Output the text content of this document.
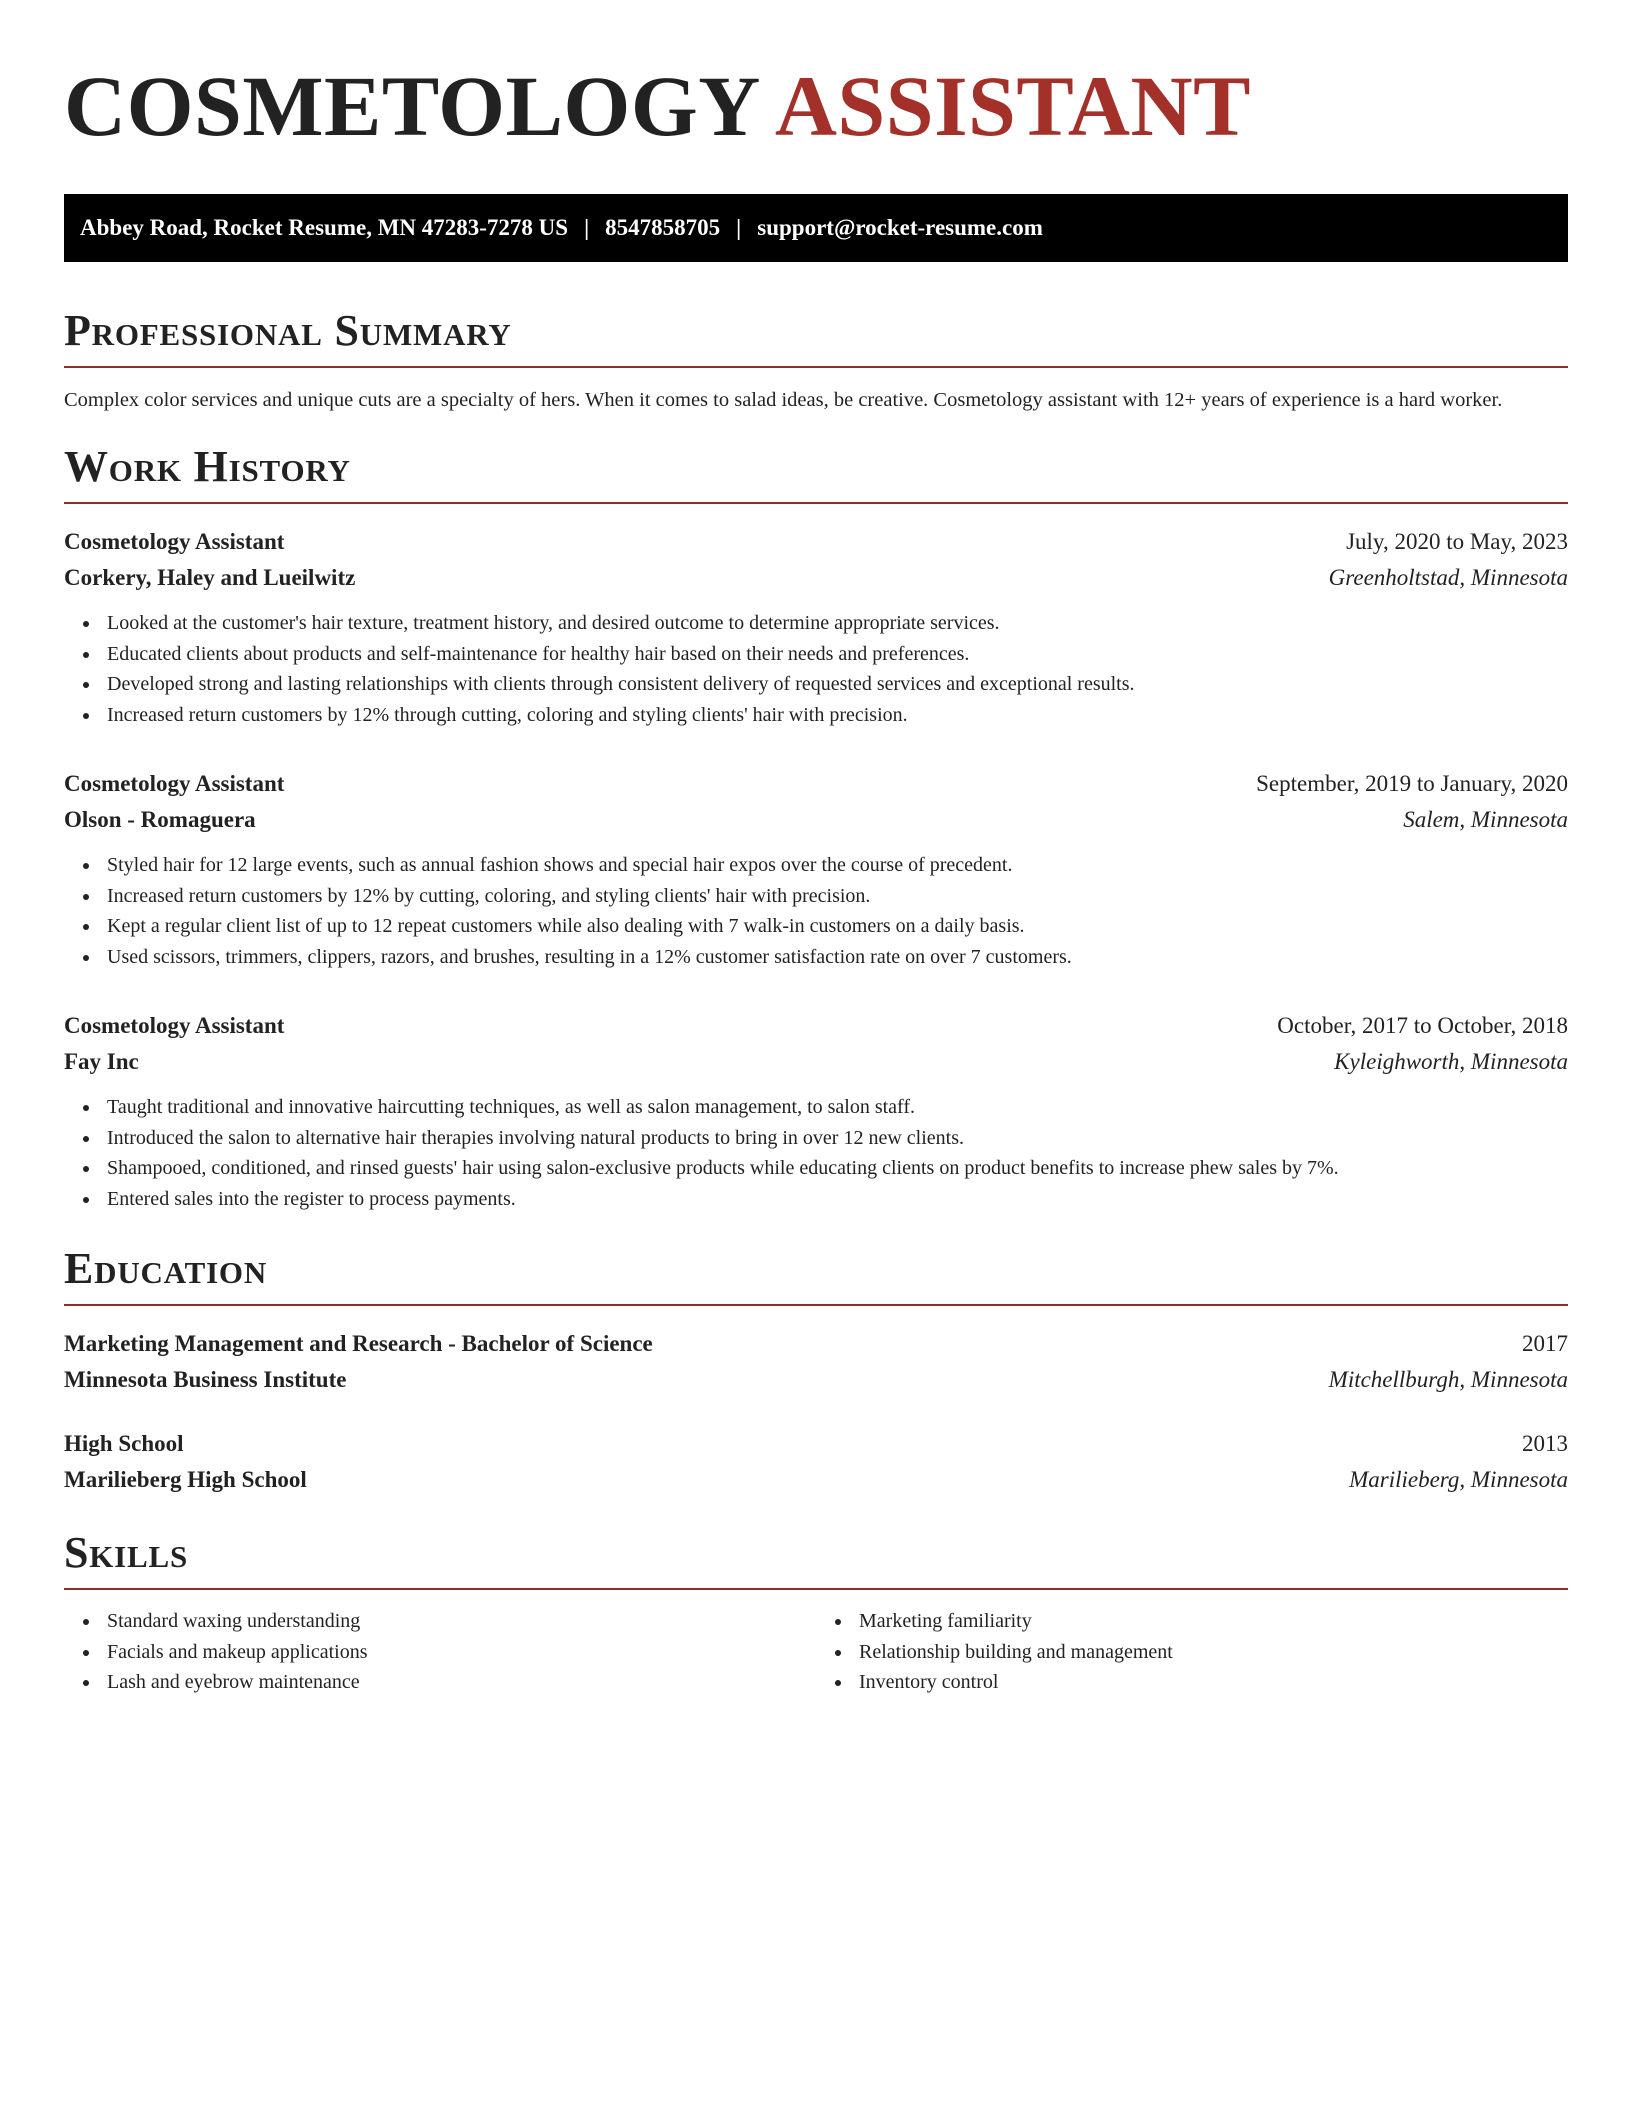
COSMETOLOGY ASSISTANT
Abbey Road, Rocket Resume, MN 47283-7278 US | 8547858705 | support@rocket-resume.com
Professional Summary

Complex color services and unique cuts are a specialty of hers. When it comes to salad ideas, be creative. Cosmetology assistant with 12+ years of experience is a hard worker.

Work History
Cosmetology Assistant	July, 2020 to May, 2023
Corkery, Haley and Lueilwitz	Greenholtstad, Minnesota
Looked at the customer's hair texture, treatment history, and desired outcome to determine appropriate services.
Educated clients about products and self-maintenance for healthy hair based on their needs and preferences.
Developed strong and lasting relationships with clients through consistent delivery of requested services and exceptional results.
Increased return customers by 12% through cutting, coloring and styling clients' hair with precision.
Cosmetology Assistant	September, 2019 to January, 2020
Olson - Romaguera	Salem, Minnesota
Styled hair for 12 large events, such as annual fashion shows and special hair expos over the course of precedent.
Increased return customers by 12% by cutting, coloring, and styling clients' hair with precision.
Kept a regular client list of up to 12 repeat customers while also dealing with 7 walk-in customers on a daily basis.
Used scissors, trimmers, clippers, razors, and brushes, resulting in a 12% customer satisfaction rate on over 7 customers.
Cosmetology Assistant	October, 2017 to October, 2018
Fay Inc	Kyleighworth, Minnesota
Taught traditional and innovative haircutting techniques, as well as salon management, to salon staff.
Introduced the salon to alternative hair therapies involving natural products to bring in over 12 new clients.
Shampooed, conditioned, and rinsed guests' hair using salon-exclusive products while educating clients on product benefits to increase phew sales by 7%.
Entered sales into the register to process payments.
Education
Marketing Management and Research - Bachelor of Science	2017
Minnesota Business Institute	Mitchellburgh, Minnesota
High School	2013
Marilieberg High School	Marilieberg, Minnesota
Skills
Standard waxing understanding
Facials and makeup applications
Lash and eyebrow maintenance
Marketing familiarity
Relationship building and management
Inventory control
